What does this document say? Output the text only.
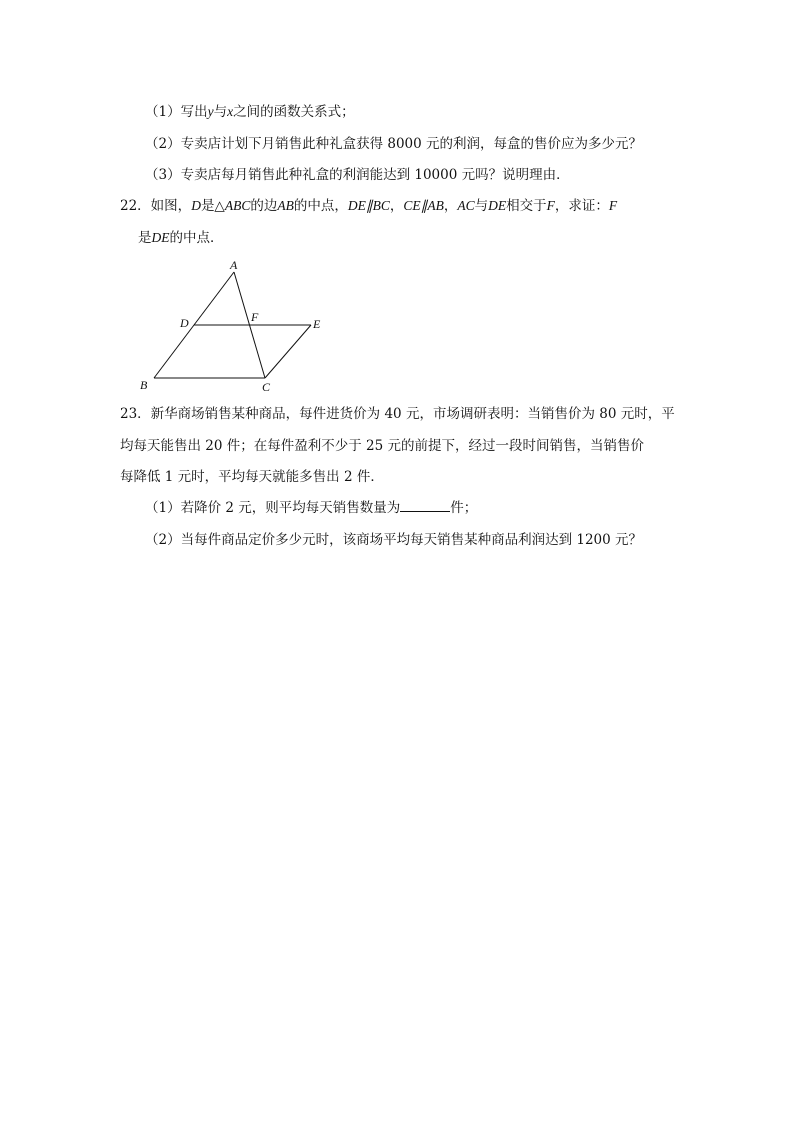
（1）写出y与x之间的函数关系式；
（2）专卖店计划下月销售此种礼盒获得 8000 元的利润，每盒的售价应为多少元？
（3）专卖店每月销售此种礼盒的利润能达到 10000 元吗？说明理由．
22．如图，D是△ABC的边AB的中点，DE∥BC，CE∥AB，AC与DE相交于F，求证：F
是DE的中点．
A
B	C
D	E
F
23．新华商场销售某种商品，每件进货价为 40 元，市场调研表明：当销售价为 80 元时，平
均每天能售出 20 件；在每件盈利不少于 25 元的前提下，经过一段时间销售，当销售价
每降低 1 元时，平均每天就能多售出 2 件．
（1）若降价 2 元，则平均每天销售数量为	件；
（2）当每件商品定价多少元时，该商场平均每天销售某种商品利润达到 1200 元？
